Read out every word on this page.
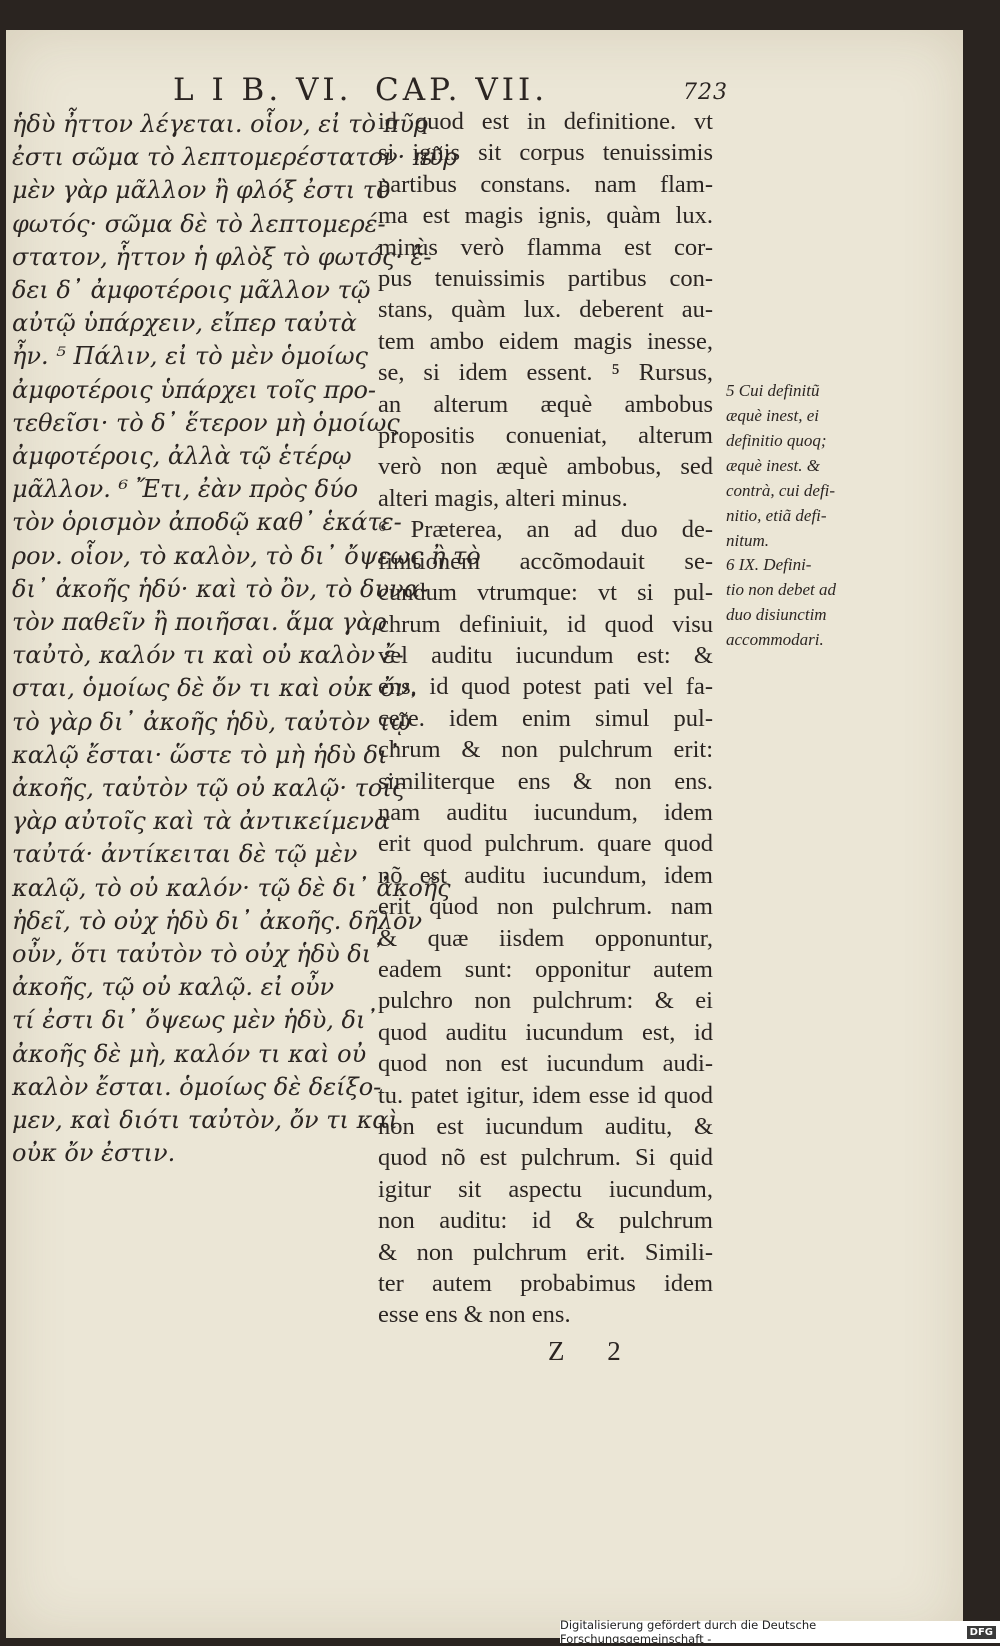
L I B. VI. CAP. VII.	723
ἡδὺ ἦττον λέγεται. οἷον, εἰ τὸ πῦρ
ἐστι σῶμα τὸ λεπτομερέστατον· πῦρ
μὲν γὰρ μᾶλλον ἢ φλόξ ἐστι τὸ
φωτός· σῶμα δὲ τὸ λεπτομερέ-
στατον, ἧττον ἡ φλὸξ τὸ φωτός· ἔ-
δει δ᾽ ἀμφοτέροις μᾶλλον τῷ
αὐτῷ ὑπάρχειν, εἴπερ ταὐτὰ
ἦν. ⁵ Πάλιν, εἰ τὸ μὲν ὁμοίως
ἀμφοτέροις ὑπάρχει τοῖς προ-
τεθεῖσι· τὸ δ᾽ ἕτερον μὴ ὁμοίως
ἀμφοτέροις, ἀλλὰ τῷ ἑτέρῳ
μᾶλλον. ⁶ Ἔτι, ἐὰν πρὸς δύο
τὸν ὁρισμὸν ἀποδῷ καθ᾽ ἑκάτε-
ρον. οἷον, τὸ καλὸν, τὸ δι᾽ ὄψεως ἢ τὸ
δι᾽ ἀκοῆς ἡδύ· καὶ τὸ ὂν, τὸ δυνα-
τὸν παθεῖν ἢ ποιῆσαι. ἅμα γὰρ
ταὐτὸ, καλόν τι καὶ οὐ καλὸν ἔ-
σται, ὁμοίως δὲ ὄν τι καὶ οὐκ ὄν.
τὸ γὰρ δι᾽ ἀκοῆς ἡδὺ, ταὐτὸν τῷ
καλῷ ἔσται· ὥστε τὸ μὴ ἡδὺ δι᾽
ἀκοῆς, ταὐτὸν τῷ οὐ καλῷ· τοῖς
γὰρ αὐτοῖς καὶ τὰ ἀντικείμενα
ταὐτά· ἀντίκειται δὲ τῷ μὲν
καλῷ, τὸ οὐ καλόν· τῷ δὲ δι᾽ ἀκοῆς
ἡδεῖ, τὸ οὐχ ἡδὺ δι᾽ ἀκοῆς. δῆλον
οὖν, ὅτι ταὐτὸν τὸ οὐχ ἡδὺ δι᾽
ἀκοῆς, τῷ οὐ καλῷ. εἰ οὖν
τί ἐστι δι᾽ ὄψεως μὲν ἡδὺ, δι᾽
ἀκοῆς δὲ μὴ, καλόν τι καὶ οὐ
καλὸν ἔσται. ὁμοίως δὲ δείξο-
μεν, καὶ διότι ταὐτὸν, ὄν τι καὶ
οὐκ ὄν ἐστιν.
id quod est in definitione. vt
si ignis sit corpus tenuissimis
partibus constans. nam flam-
ma est magis ignis, quàm lux.
minùs verò flamma est cor-
pus tenuissimis partibus con-
stans, quàm lux. deberent au-
tem ambo eidem magis inesse,
se, si idem essent. ⁵ Rursus,
an alterum æquè ambobus
propositis conueniat, alterum
verò non æquè ambobus, sed
alteri magis, alteri minus.
⁶ Præterea, an ad duo de-
finitionem accõmodauit se-
cundum vtrumque: vt si pul-
chrum definiuit, id quod visu
vel auditu iucundum est: &
ens, id quod potest pati vel fa-
cere. idem enim simul pul-
chrum & non pulchrum erit:
similiterque ens & non ens.
nam auditu iucundum, idem
erit quod pulchrum. quare quod
nõ est auditu iucundum, idem
erit quod non pulchrum. nam
& quæ iisdem opponuntur,
eadem sunt: opponitur autem
pulchro non pulchrum: & ei
quod auditu iucundum est, id
quod non est iucundum audi-
tu. patet igitur, idem esse id quod
non est iucundum auditu, &
quod nõ est pulchrum. Si quid
igitur sit aspectu iucundum,
non auditu: id & pulchrum
& non pulchrum erit. Simili-
ter autem probabimus idem
esse ens & non ens.
5 Cui definitũ
æquè inest, ei
definitio quoq;
æquè inest. &
contrà, cui defi-
nitio, etiã defi-
nitum.
6 IX. Defini-
tio non debet ad
duo disiunctim
accommodari.
Z 2
Digitalisierung gefördert durch die Deutsche Forschungsgemeinschaft -	DFG
